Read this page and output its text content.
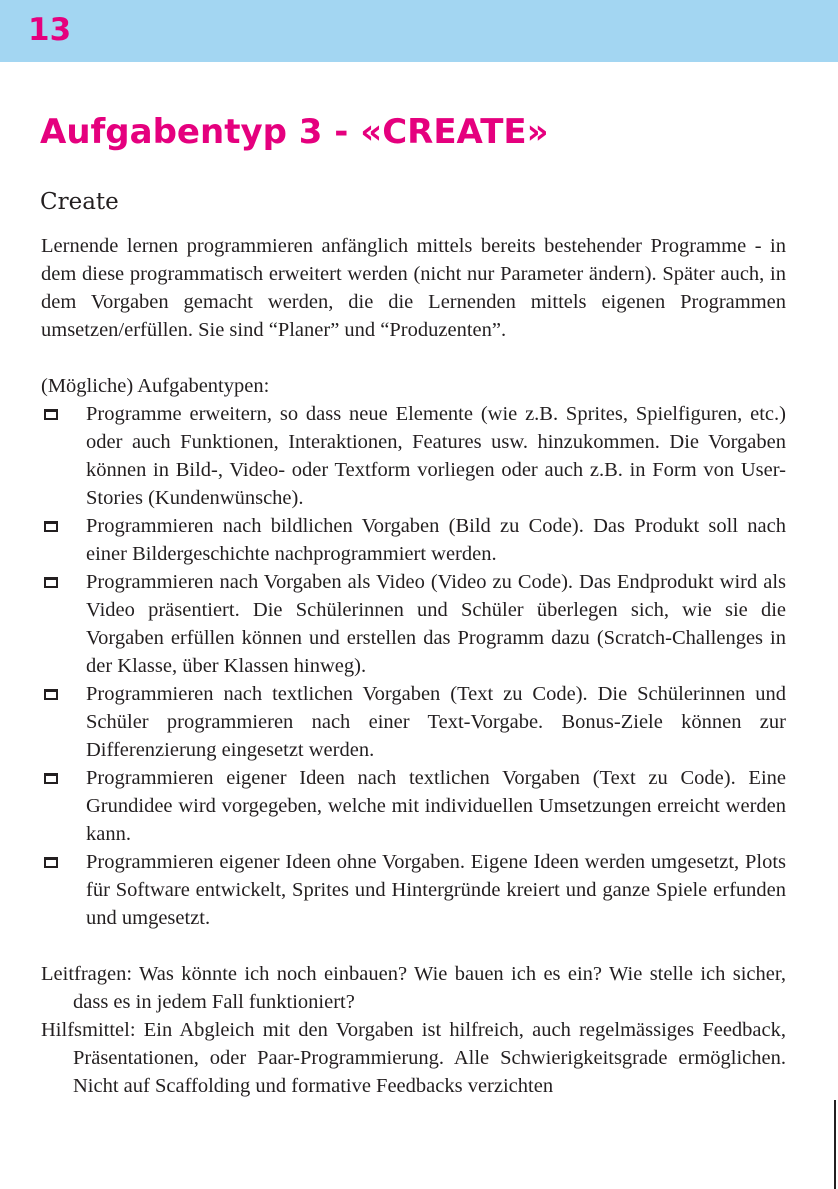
13
Aufgabentyp 3 - «CREATE»
Create

Lernende lernen programmieren anfänglich mittels bereits bestehender Programme - in dem diese programmatisch erweitert werden (nicht nur Parameter ändern). Später auch, in dem Vorgaben gemacht werden, die die Lernenden mittels eigenen Programmen umsetzen/erfüllen. Sie sind “Planer” und “Produzenten”.

(Mögliche) Aufgabentypen:

Programme erweitern, so dass neue Elemente (wie z.B. Sprites, Spielfiguren, etc.) oder auch Funktionen, Interaktionen, Features usw. hinzukommen. Die Vorgaben können in Bild-, Video- oder Textform vorliegen oder auch z.B. in Form von User-Stories (Kundenwünsche).
Programmieren nach bildlichen Vorgaben (Bild zu Code). Das Produkt soll nach einer Bildergeschichte nachprogrammiert werden.
Programmieren nach Vorgaben als Video (Video zu Code). Das Endprodukt wird als Video präsentiert. Die Schülerinnen und Schüler überlegen sich, wie sie die Vorgaben erfüllen können und erstellen das Programm dazu (Scratch-Challenges in der Klasse, über Klassen hinweg).
Programmieren nach textlichen Vorgaben (Text zu Code). Die Schülerinnen und Schüler programmieren nach einer Text-Vorgabe. Bonus-Ziele können zur Differenzierung eingesetzt werden.
Programmieren eigener Ideen nach textlichen Vorgaben (Text zu Code). Eine Grundidee wird vorgegeben, welche mit individuellen Umsetzungen erreicht werden kann.
Programmieren eigener Ideen ohne Vorgaben. Eigene Ideen werden umgesetzt, Plots für Software entwickelt, Sprites und Hintergründe kreiert und ganze Spiele erfunden und umgesetzt.

Leitfragen: Was könnte ich noch einbauen? Wie bauen ich es ein? Wie stelle ich sicher, dass es in jedem Fall funktioniert?

Hilfsmittel: Ein Abgleich mit den Vorgaben ist hilfreich, auch regelmässiges Feedback, Präsentationen, oder Paar-Programmierung. Alle Schwierigkeitsgrade ermöglichen. Nicht auf Scaffolding und formative Feedbacks verzichten
